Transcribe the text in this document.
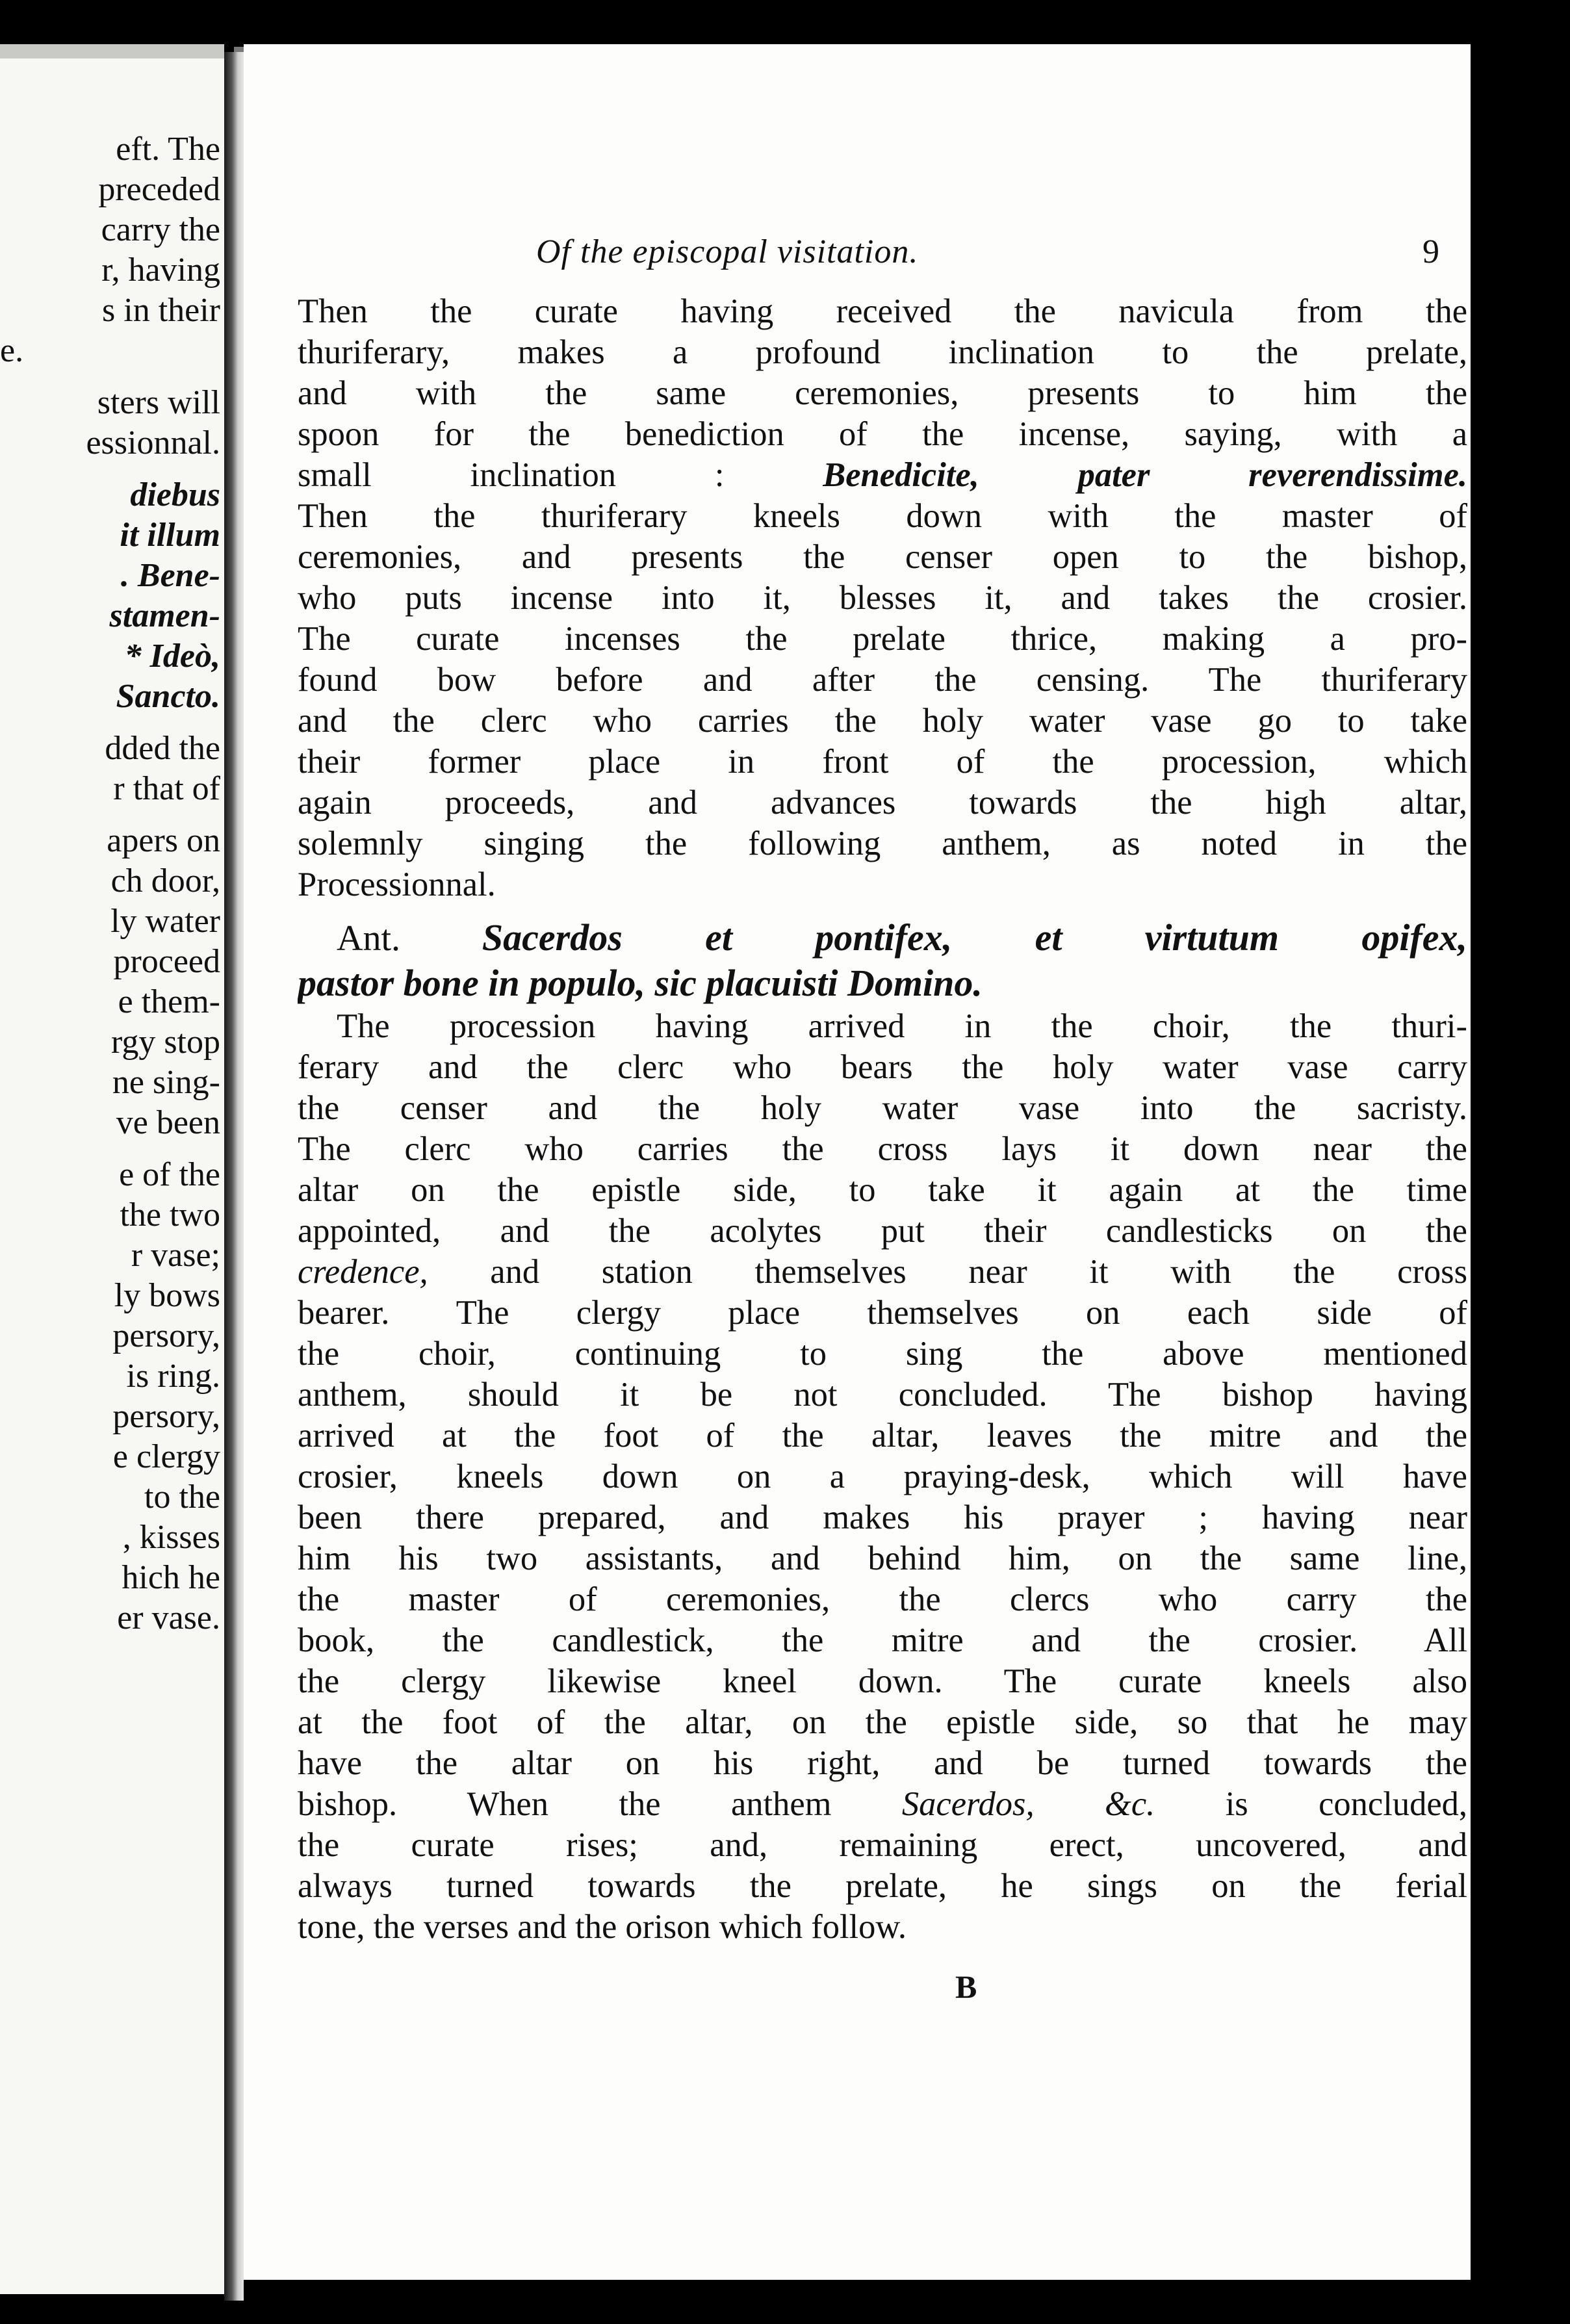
eft. The
preceded
carry the
r, having
s in their
e.
sters will
essionnal.
diebus
it illum
. Bene-
stamen-
* Ideò,
Sancto.
dded the
r that of
apers on
ch door,
ly water
proceed
e them-
rgy stop
ne sing-
ve been
e of the
the two
r vase;
ly bows
persory,
is ring.
persory,
e clergy
to the
, kisses
hich he
er vase.
Of the episcopal visitation.	9
Then the curate having received the navicula from the
thuriferary, makes a profound inclination to the prelate,
and with the same ceremonies, presents to him the
spoon for the benediction of the incense, saying, with a
small inclination :	Benedicite, pater reverendissime.
Then the thuriferary kneels down with the master of
ceremonies, and presents the censer open to the bishop,
who puts incense into it, blesses it, and takes the crosier.
The curate incenses the prelate thrice, making a pro-
found bow before and after the censing. The thuriferary
and the clerc who carries the holy water vase go to take
their former place in front of the procession, which
again proceeds, and advances towards the high altar,
solemnly singing the following anthem, as noted in the
Processionnal.
Ant. Sacerdos et pontifex, et virtutum opifex,
pastor bone in populo, sic placuisti Domino.
The procession having arrived in the choir, the thuri-
ferary and the clerc who bears the holy water vase carry
the censer and the holy water vase into the sacristy.
The clerc who carries the cross lays it down near the
altar on the epistle side, to take it again at the time
appointed, and the acolytes put their candlesticks on the
credence, and station themselves near it with the cross
bearer. The clergy place themselves on each side of
the choir, continuing to sing the above mentioned
anthem, should it be not concluded. The bishop having
arrived at the foot of the altar, leaves the mitre and the
crosier, kneels down on a praying-desk, which will have
been there prepared, and makes his prayer ; having near
him his two assistants, and behind him, on the same line,
the master of ceremonies, the clercs who carry the
book, the candlestick, the mitre and the crosier. All
the clergy likewise kneel down. The curate kneels also
at the foot of the altar, on the epistle side, so that he may
have the altar on his right, and be turned towards the
bishop. When the anthem Sacerdos, &c. is concluded,
the curate rises; and, remaining erect, uncovered, and
always turned towards the prelate, he sings on the ferial
tone, the verses and the orison which follow.
B
